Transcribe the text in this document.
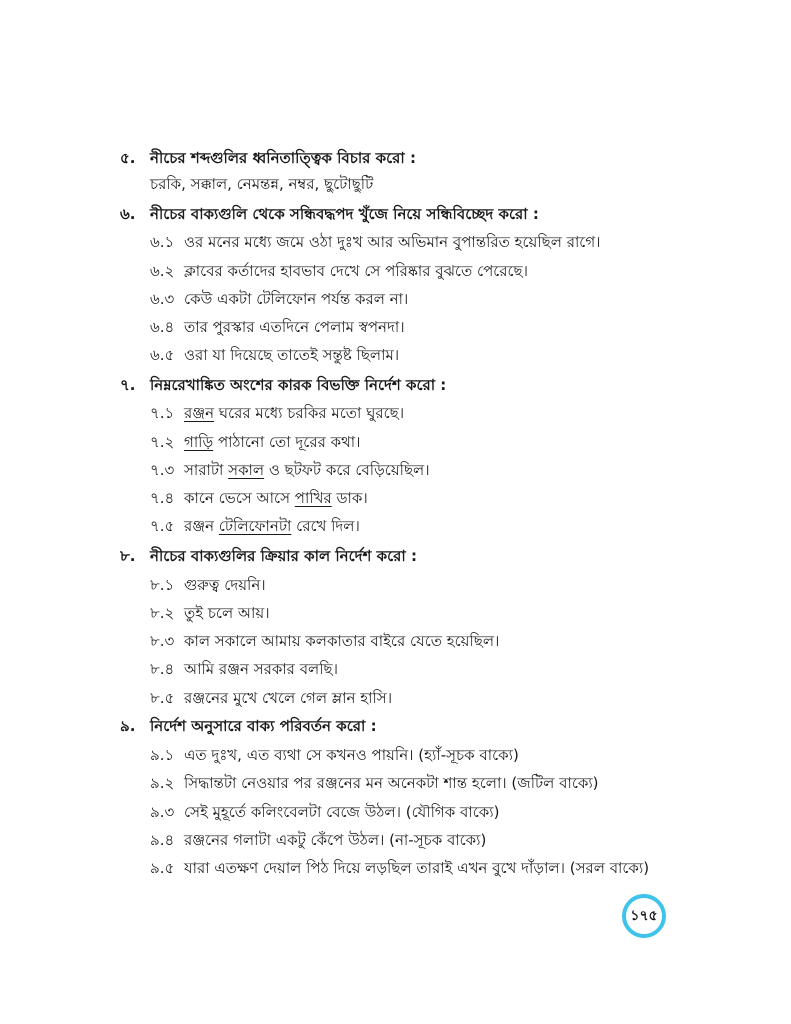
৫. নীচের শব্দগুলির ধ্বনিতাত্ত্বিক বিচার করো :
চরকি, সক্কাল, নেমন্তন্ন, নম্বর, ছুটোছুটি
৬. নীচের বাক্যগুলি থেকে সন্ধিবদ্ধপদ খুঁজে নিয়ে সন্ধিবিচ্ছেদ করো :
৬.১ ওর মনের মধ্যে জমে ওঠা দুঃখ আর অভিমান বুপান্তরিত হয়েছিল রাগে।
৬.২ ক্লাবের কর্তাদের হাবভাব দেখে সে পরিষ্কার বুঝতে পেরেছে।
৬.৩ কেউ একটা টেলিফোন পর্যন্ত করল না।
৬.৪ তার পুরস্কার এতদিনে পেলাম স্বপনদা।
৬.৫ ওরা যা দিয়েছে তাতেই সন্তুষ্ট ছিলাম।
৭. নিম্নরেখাঙ্কিত অংশের কারক বিভক্তি নির্দেশ করো :
৭.১ রঞ্জন ঘরের মধ্যে চরকির মতো ঘুরছে।
৭.২ গাড়ি পাঠানো তো দূরের কথা।
৭.৩ সারাটা সকাল ও ছটফট করে বেড়িয়েছিল।
৭.৪ কানে ভেসে আসে পাখির ডাক।
৭.৫ রঞ্জন টেলিফোনটা রেখে দিল।
৮. নীচের বাক্যগুলির ক্রিয়ার কাল নির্দেশ করো :
৮.১ গুরুত্ব দেয়নি।
৮.২ তুই চলে আয়।
৮.৩ কাল সকালে আমায় কলকাতার বাইরে যেতে হয়েছিল।
৮.৪ আমি রঞ্জন সরকার বলছি।
৮.৫ রঞ্জনের মুখে খেলে গেল ম্লান হাসি।
৯. নির্দেশ অনুসারে বাক্য পরিবর্তন করো :
৯.১ এত দুঃখ, এত ব্যথা সে কখনও পায়নি। (হ্যাঁ-সূচক বাক্যে)
৯.২ সিদ্ধান্তটা নেওয়ার পর রঞ্জনের মন অনেকটা শান্ত হলো। (জটিল বাক্যে)
৯.৩ সেই মুহূর্তে কলিংবেলটা বেজে উঠল। (যৌগিক বাক্যে)
৯.৪ রঞ্জনের গলাটা একটু কেঁপে উঠল। (না-সূচক বাক্যে)
৯.৫ যারা এতক্ষণ দেয়াল পিঠ দিয়ে লড়ছিল তারাই এখন বুখে দাঁড়াল। (সরল বাক্যে)
১৭৫
